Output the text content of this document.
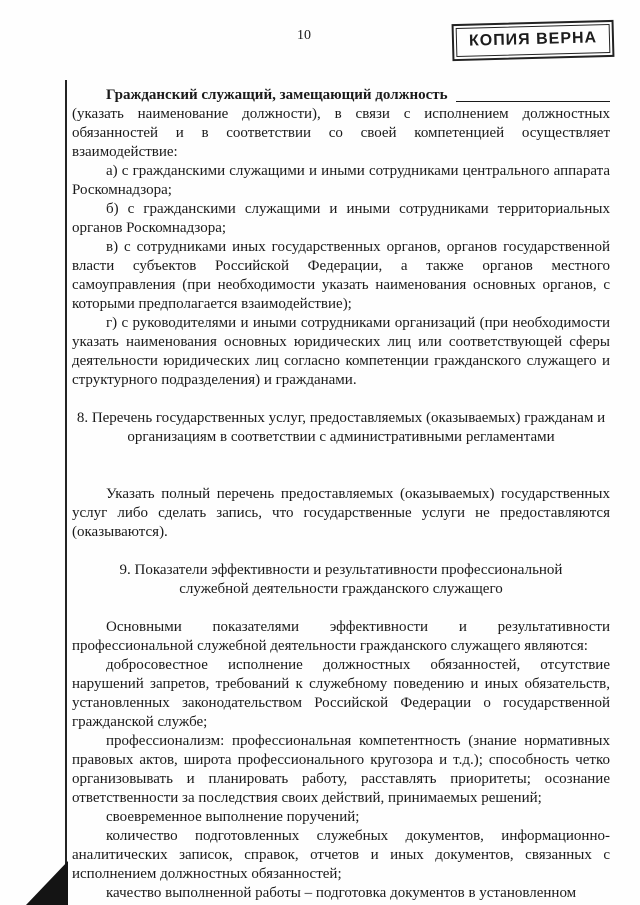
10	КОПИЯ ВЕРНА
Гражданский служащий, замещающий должность

(указать наименование должности), в связи с исполнением должностных обязанностей и в соответствии со своей компетенцией осуществляет взаимодействие:

а) с гражданскими служащими и иными сотрудниками центрального аппарата Роскомнадзора;

б) с гражданскими служащими и иными сотрудниками территориальных органов Роскомнадзора;

в) с сотрудниками иных государственных органов, органов государственной власти субъектов Российской Федерации, а также органов местного самоуправления (при необходимости указать наименования основных органов, с которыми предполагается взаимодействие);

г) с руководителями и иными сотрудниками организаций (при необходимости указать наименования основных юридических лиц или соответствующей сферы деятельности юридических лиц согласно компетенции гражданского служащего и структурного подразделения) и гражданами.

8. Перечень государственных услуг, предоставляемых (оказываемых) гражданам и организациям в соответствии с административными регламентами

Указать полный перечень предоставляемых (оказываемых) государственных услуг либо сделать запись, что государственные услуги не предоставляются (оказываются).

9. Показатели эффективности и результативности профессиональной служебной деятельности гражданского служащего

Основными показателями эффективности и результативности профессиональной служебной деятельности гражданского служащего являются:

добросовестное исполнение должностных обязанностей, отсутствие нарушений запретов, требований к служебному поведению и иных обязательств, установленных законодательством Российской Федерации о государственной гражданской службе;

профессионализм: профессиональная компетентность (знание нормативных правовых актов, широта профессионального кругозора и т.д.); способность четко организовывать и планировать работу, расставлять приоритеты; осознание ответственности за последствия своих действий, принимаемых решений;

своевременное выполнение поручений;

количество подготовленных служебных документов, информационно-аналитических записок, справок, отчетов и иных документов, связанных с исполнением должностных обязанностей;

качество выполненной работы – подготовка документов в установленном
